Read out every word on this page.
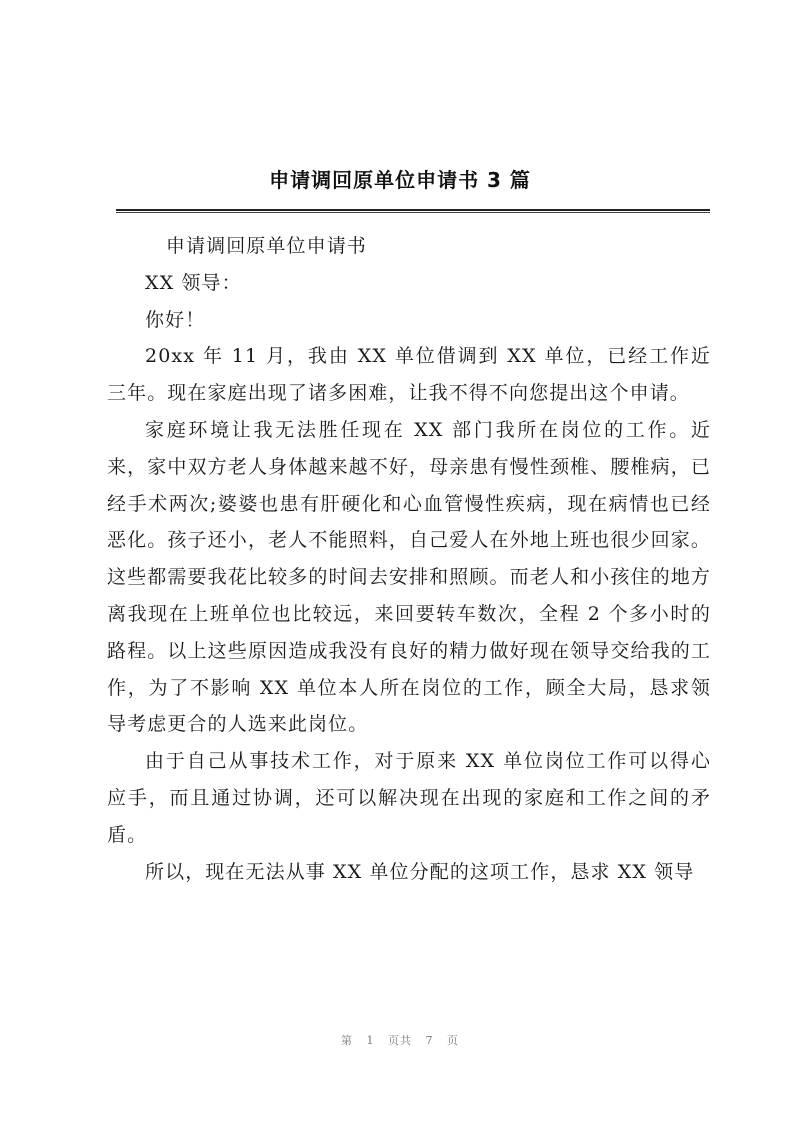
申请调回原单位申请书 3 篇

申请调回原单位申请书

XX 领导：

你好！

20xx 年 11 月，我由 XX 单位借调到 XX 单位，已经工作近三年。现在家庭出现了诸多困难，让我不得不向您提出这个申请。

家庭环境让我无法胜任现在 XX 部门我所在岗位的工作。近来，家中双方老人身体越来越不好，母亲患有慢性颈椎、腰椎病，已经手术两次;婆婆也患有肝硬化和心血管慢性疾病，现在病情也已经恶化。孩子还小，老人不能照料，自己爱人在外地上班也很少回家。这些都需要我花比较多的时间去安排和照顾。而老人和小孩住的地方离我现在上班单位也比较远，来回要转车数次，全程 2 个多小时的路程。以上这些原因造成我没有良好的精力做好现在领导交给我的工作，为了不影响 XX 单位本人所在岗位的工作，顾全大局，恳求领导考虑更合的人选来此岗位。

由于自己从事技术工作，对于原来 XX 单位岗位工作可以得心应手，而且通过协调，还可以解决现在出现的家庭和工作之间的矛盾。

所以，现在无法从事 XX 单位分配的这项工作，恳求 XX 领导

第 1 页共 7 页
